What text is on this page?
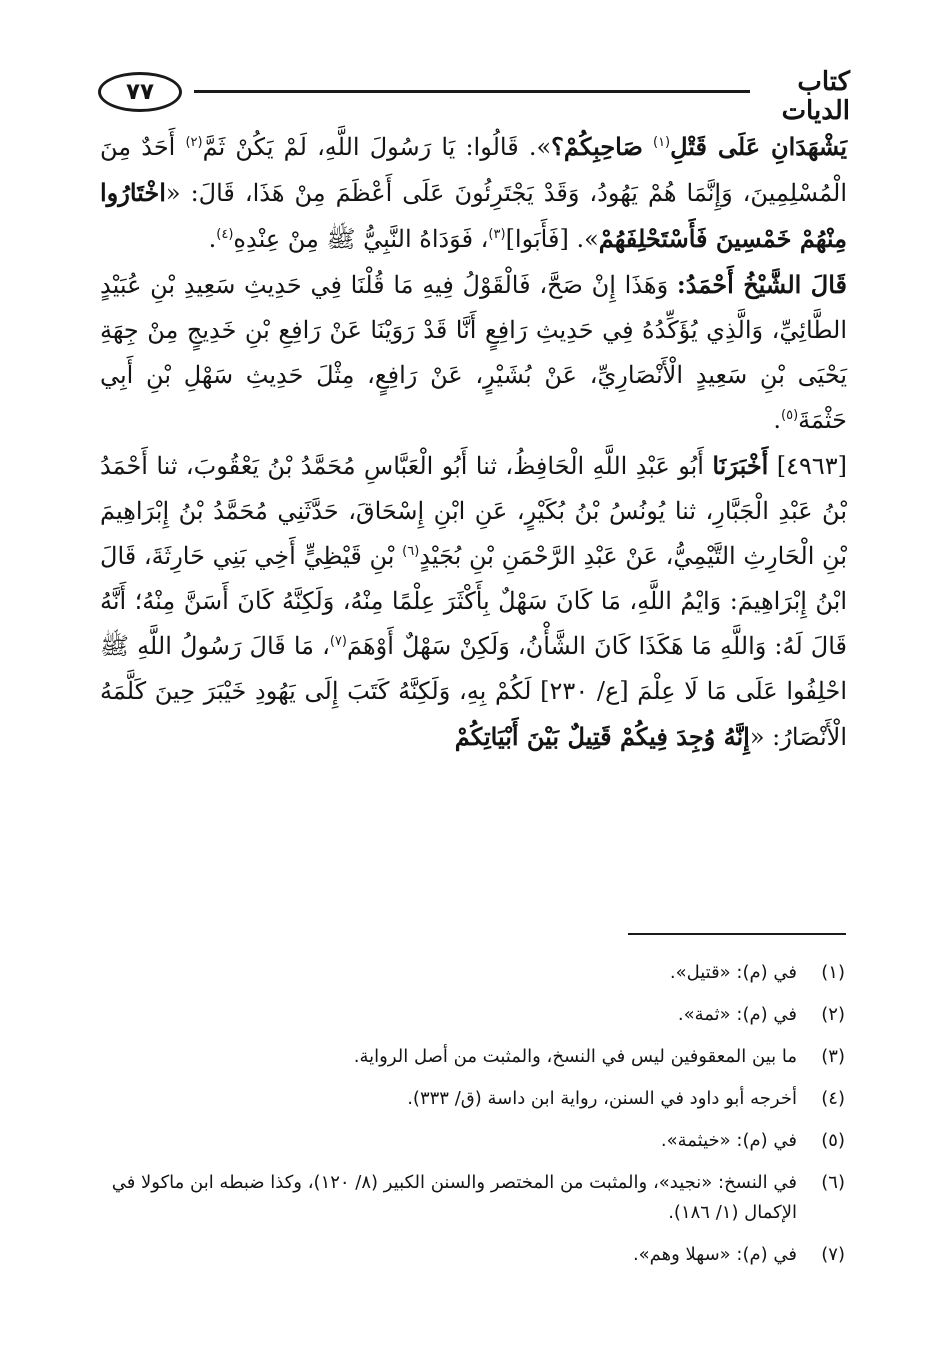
٧٧	كتاب الديات

يَشْهَدَانِ عَلَى قَتْلِ$^{(١)}$ صَاحِبِكُمْ؟». قَالُوا: يَا رَسُولَ اللَّهِ، لَمْ يَكُنْ ثَمَّ$^{(٢)}$ أَحَدٌ مِنَ الْمُسْلِمِينَ، وَإِنَّمَا هُمْ يَهُودُ، وَقَدْ يَجْتَرِئُونَ عَلَى أَعْظَمَ مِنْ هَذَا، قَالَ: «اخْتَارُوا مِنْهُمْ خَمْسِينَ فَأَسْتَحْلِفَهُمْ». [فَأَبَوا]$^{(٣)}$، فَوَدَاهُ النَّبِيُّ ﷺ مِنْ عِنْدِهِ$^{(٤)}$.

قَالَ الشَّيْخُ أَحْمَدُ: وَهَذَا إِنْ صَحَّ، فَالْقَوْلُ فِيهِ مَا قُلْنَا فِي حَدِيثِ سَعِيدِ بْنِ عُبَيْدٍ الطَّائِيِّ، وَالَّذِي يُؤَكِّدُهُ فِي حَدِيثِ رَافِعٍ أَنَّا قَدْ رَوَيْنَا عَنْ رَافِعِ بْنِ خَدِيجٍ مِنْ جِهَةِ يَحْيَى بْنِ سَعِيدٍ الْأَنْصَارِيِّ، عَنْ بُشَيْرٍ، عَنْ رَافِعٍ، مِثْلَ حَدِيثِ سَهْلِ بْنِ أَبِي حَثْمَةَ$^{(٥)}$.

[٤٩٦٣] أَخْبَرَنَا أَبُو عَبْدِ اللَّهِ الْحَافِظُ، ثنا أَبُو الْعَبَّاسِ مُحَمَّدُ بْنُ يَعْقُوبَ، ثنا أَحْمَدُ بْنُ عَبْدِ الْجَبَّارِ، ثنا يُونُسُ بْنُ بُكَيْرٍ، عَنِ ابْنِ إِسْحَاقَ، حَدَّثَنِي مُحَمَّدُ بْنُ إِبْرَاهِيمَ بْنِ الْحَارِثِ التَّيْمِيُّ، عَنْ عَبْدِ الرَّحْمَنِ بْنِ بُجَيْدٍ$^{(٦)}$ بْنِ قَيْظِيٍّ أَخِي بَنِي حَارِثَةَ، قَالَ ابْنُ إِبْرَاهِيمَ: وَايْمُ اللَّهِ، مَا كَانَ سَهْلٌ بِأَكْثَرَ عِلْمًا مِنْهُ، وَلَكِنَّهُ كَانَ أَسَنَّ مِنْهُ؛ أَنَّهُ قَالَ لَهُ: وَاللَّهِ مَا هَكَذَا كَانَ الشَّأْنُ، وَلَكِنْ سَهْلٌ أَوْهَمَ$^{(٧)}$، مَا قَالَ رَسُولُ اللَّهِ ﷺ احْلِفُوا عَلَى مَا لَا عِلْمَ [ع/ ٢٣٠] لَكُمْ بِهِ، وَلَكِنَّهُ كَتَبَ إِلَى يَهُودِ خَيْبَرَ حِينَ كَلَّمَهُ الْأَنْصَارُ: «إِنَّهُ وُجِدَ فِيكُمْ قَتِيلٌ بَيْنَ أَبْيَاتِكُمْ

(١)
في (م): «قتيل».
(٢)
في (م): «ثمة».
(٣)
ما بين المعقوفين ليس في النسخ، والمثبت من أصل الرواية.
(٤)
أخرجه أبو داود في السنن، رواية ابن داسة (ق/ ٣٣٣).
(٥)
في (م): «خيثمة».
(٦)
في النسخ: «نجيد»، والمثبت من المختصر والسنن الكبير (٨/ ١٢٠)، وكذا ضبطه ابن ماكولا في الإكمال (١/ ١٨٦).
(٧)
في (م): «سهلا وهم».
